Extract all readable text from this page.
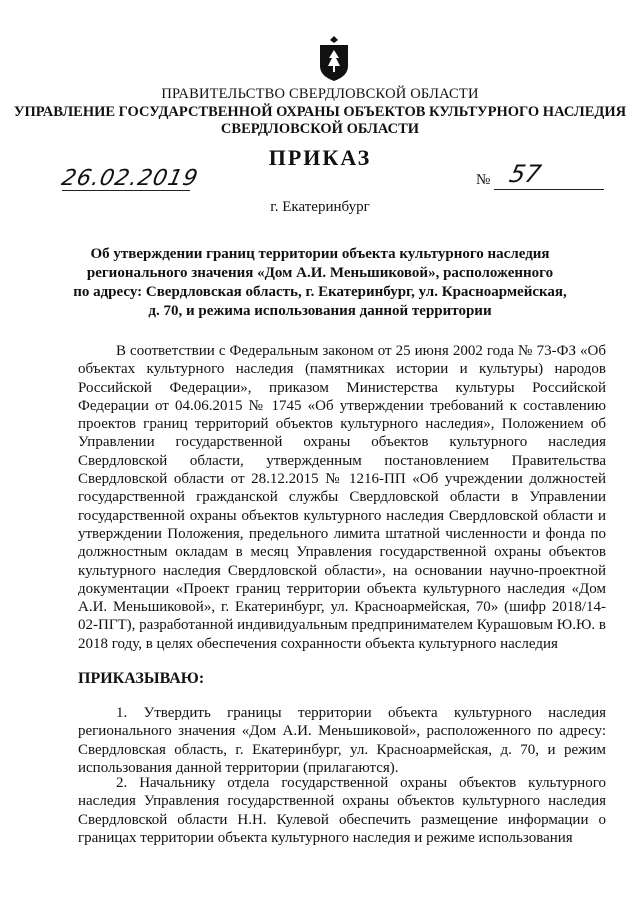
ПРАВИТЕЛЬСТВО СВЕРДЛОВСКОЙ ОБЛАСТИ
УПРАВЛЕНИЕ ГОСУДАРСТВЕННОЙ ОХРАНЫ ОБЪЕКТОВ КУЛЬТУРНОГО НАСЛЕДИЯ
СВЕРДЛОВСКОЙ ОБЛАСТИ
ПРИКАЗ
26.02.2019	№ 57
г. Екатеринбург
Об утверждении границ территории объекта культурного наследия
регионального значения «Дом А.И. Меньшиковой», расположенного
по адресу: Свердловская область, г. Екатеринбург, ул. Красноармейская,
д. 70, и режима использования данной территории
В соответствии с Федеральным законом от 25 июня 2002 года № 73-ФЗ «Об объектах культурного наследия (памятниках истории и культуры) народов Российской Федерации», приказом Министерства культуры Российской Федерации от 04.06.2015 № 1745 «Об утверждении требований к составлению проектов границ территорий объектов культурного наследия», Положением об Управлении государственной охраны объектов культурного наследия Свердловской области, утвержденным постановлением Правительства Свердловской области от 28.12.2015 № 1216-ПП «Об учреждении должностей государственной гражданской службы Свердловской области в Управлении государственной охраны объектов культурного наследия Свердловской области и утверждении Положения, предельного лимита штатной численности и фонда по должностным окладам в месяц Управления государственной охраны объектов культурного наследия Свердловской области», на основании научно-проектной документации «Проект границ территории объекта культурного наследия «Дом А.И. Меньшиковой», г. Екатеринбург, ул. Красноармейская, 70» (шифр 2018/14-02-ПГТ), разработанной индивидуальным предпринимателем Курашовым Ю.Ю. в 2018 году, в целях обеспечения сохранности объекта культурного наследия
ПРИКАЗЫВАЮ:
1. Утвердить границы территории объекта культурного наследия регионального значения «Дом А.И. Меньшиковой», расположенного по адресу: Свердловская область, г. Екатеринбург, ул. Красноармейская, д. 70, и режим использования данной территории (прилагаются).
2. Начальнику отдела государственной охраны объектов культурного наследия Управления государственной охраны объектов культурного наследия Свердловской области Н.Н. Кулевой обеспечить размещение информации о границах территории объекта культурного наследия и режиме использования
